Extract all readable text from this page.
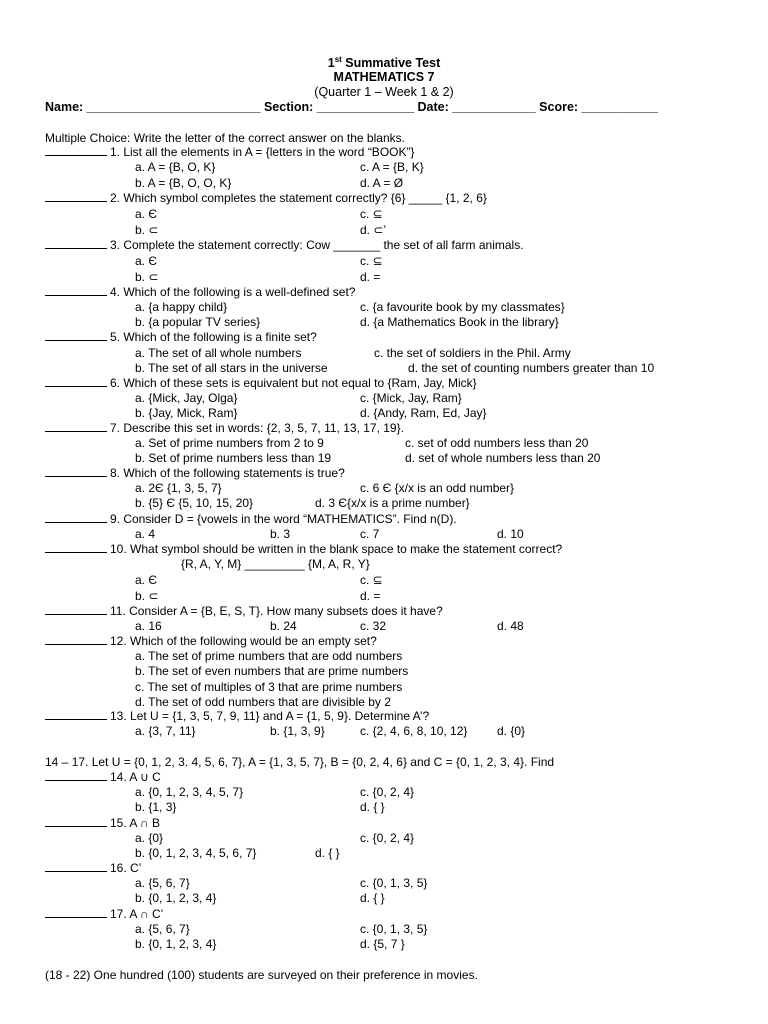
1st Summative Test
MATHEMATICS 7
(Quarter 1 – Week 1 & 2)
Name: _________________________ Section: ______________ Date: ____________ Score: ___________
Multiple Choice: Write the letter of the correct answer on the blanks.
1. List all the elements in A = {letters in the word “BOOK”}
a. A = {B, O, K}	c. A = {B, K}
b. A = {B, O, O, K}	d. A = Ø
2. Which symbol completes the statement correctly? {6} _____ {1, 2, 6}
a. Є	c. ⊆
b. ⊂	d. ⊂’
3. Complete the statement correctly: Cow _______ the set of all farm animals.
a. Є	c. ⊆
b. ⊂	d. =
4. Which of the following is a well-defined set?
a. {a happy child}	c. {a favourite book by my classmates}
b. {a popular TV series}	d. {a Mathematics Book in the library}
5. Which of the following is a finite set?
a. The set of all whole numbers	c. the set of soldiers in the Phil. Army
b. The set of all stars in the universe	d. the set of counting numbers greater than 10
6. Which of these sets is equivalent but not equal to {Ram, Jay, Mick}
a. {Mick, Jay, Olga}	c. {Mick, Jay, Ram}
b. {Jay, Mick, Ram}	d. {Andy, Ram, Ed, Jay}
7. Describe this set in words: {2, 3, 5, 7, 11, 13, 17, 19}.
a. Set of prime numbers from 2 to 9	c. set of odd numbers less than 20
b. Set of prime numbers less than 19	d. set of whole numbers less than 20
8. Which of the following statements is true?
a. 2Є {1, 3, 5, 7}	c. 6 Є {x/x is an odd number}
b. {5} Є {5, 10, 15, 20}	d. 3 Є{x/x is a prime number}
9. Consider D = {vowels in the word “MATHEMATICS”. Find n(D).
a. 4	b. 3	c. 7	d. 10
10. What symbol should be written in the blank space to make the statement correct?
{R, A, Y, M} _________ {M, A, R, Y}
a. Є	c. ⊆
b. ⊂	d. =
11. Consider A = {B, E, S, T}. How many subsets does it have?
a. 16	b. 24	c. 32	d. 48
12. Which of the following would be an empty set?
a. The set of prime numbers that are odd numbers
b. The set of even numbers that are prime numbers
c. The set of multiples of 3 that are prime numbers
d. The set of odd numbers that are divisible by 2
13. Let U = {1, 3, 5, 7, 9, 11} and A = {1, 5, 9}. Determine A’?
a. {3, 7, 11}	b. {1, 3, 9}	c. {2, 4, 6, 8, 10, 12} d. {0}
14 – 17. Let U = {0, 1, 2, 3. 4, 5, 6, 7}, A = {1, 3, 5, 7}, B = {0, 2, 4, 6} and C = {0, 1, 2, 3, 4}. Find
14. A ∪ C
a. {0, 1, 2, 3, 4, 5, 7}	c. {0, 2, 4}
b. {1, 3}	d. { }
15. A ∩ B
a. {0}	c. {0, 2, 4}
b. {0, 1, 2, 3, 4, 5, 6, 7}	d. { }
16. C’
a. {5, 6, 7}	c. {0, 1, 3, 5}
b. {0, 1, 2, 3, 4}	d. { }
17. A ∩ C’
a. {5, 6, 7}	c. {0, 1, 3, 5}
b. {0, 1, 2, 3, 4}	d. {5, 7 }
(18 - 22) One hundred (100) students are surveyed on their preference in movies.
